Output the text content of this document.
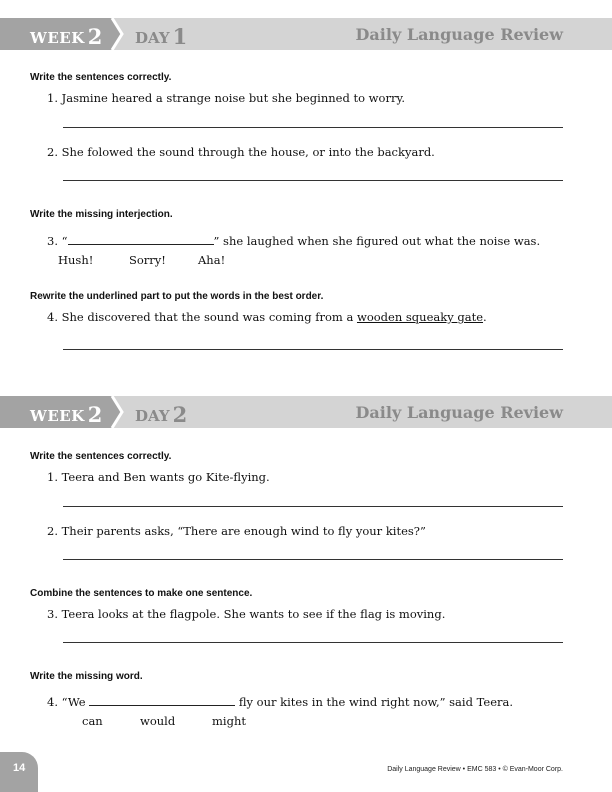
WEEK 2 DAY 1	Daily Language Review
Write the sentences correctly.
1. Jasmine heared a strange noise but she beginned to worry.
2. She folowed the sound through the house, or into the backyard.
Write the missing interjection.
3. “	” she laughed when she figured out what the noise was.
Hush!	Sorry!	Aha!
Rewrite the underlined part to put the words in the best order.
4. She discovered that the sound was coming from a wooden squeaky gate.
WEEK 2 DAY 2	Daily Language Review
Write the sentences correctly.
1. Teera and Ben wants go Kite-flying.
2. Their parents asks, “There are enough wind to fly your kites?”
Combine the sentences to make one sentence.
3. Teera looks at the flagpole. She wants to see if the flag is moving.
Write the missing word.
4. “We	fly our kites in the wind right now,” said Teera.
can	would	might
14	Daily Language Review • EMC 583 • © Evan-Moor Corp.
